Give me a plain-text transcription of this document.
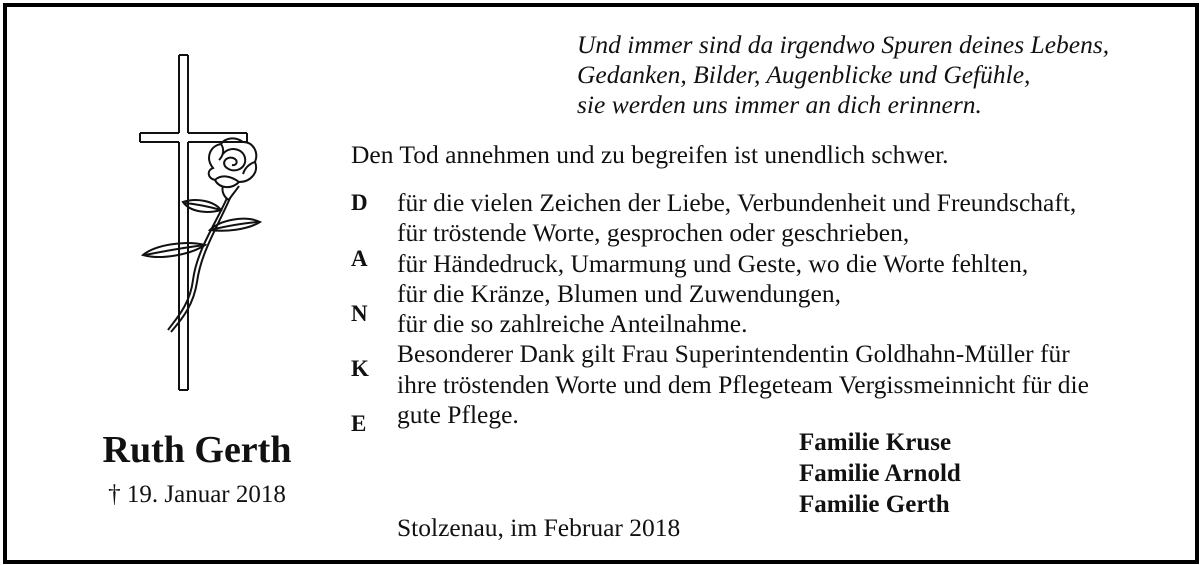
Und immer sind da irgendwo Spuren deines Lebens,
Gedanken, Bilder, Augenblicke und Gefühle,
sie werden uns immer an dich erinnern.
Den Tod annehmen und zu begreifen ist unendlich schwer.
D
A
N
K
E
für die vielen Zeichen der Liebe, Verbundenheit und Freundschaft,
für tröstende Worte, gesprochen oder geschrieben,
für Händedruck, Umarmung und Geste, wo die Worte fehlten,
für die Kränze, Blumen und Zuwendungen,
für die so zahlreiche Anteilnahme.
Besonderer Dank gilt Frau Superintendentin Goldhahn-Müller für
ihre tröstenden Worte und dem Pflegeteam Vergissmeinnicht für die
gute Pflege.
Familie Kruse
Familie Arnold
Familie Gerth
Ruth Gerth
† 19. Januar 2018
Stolzenau, im Februar 2018
